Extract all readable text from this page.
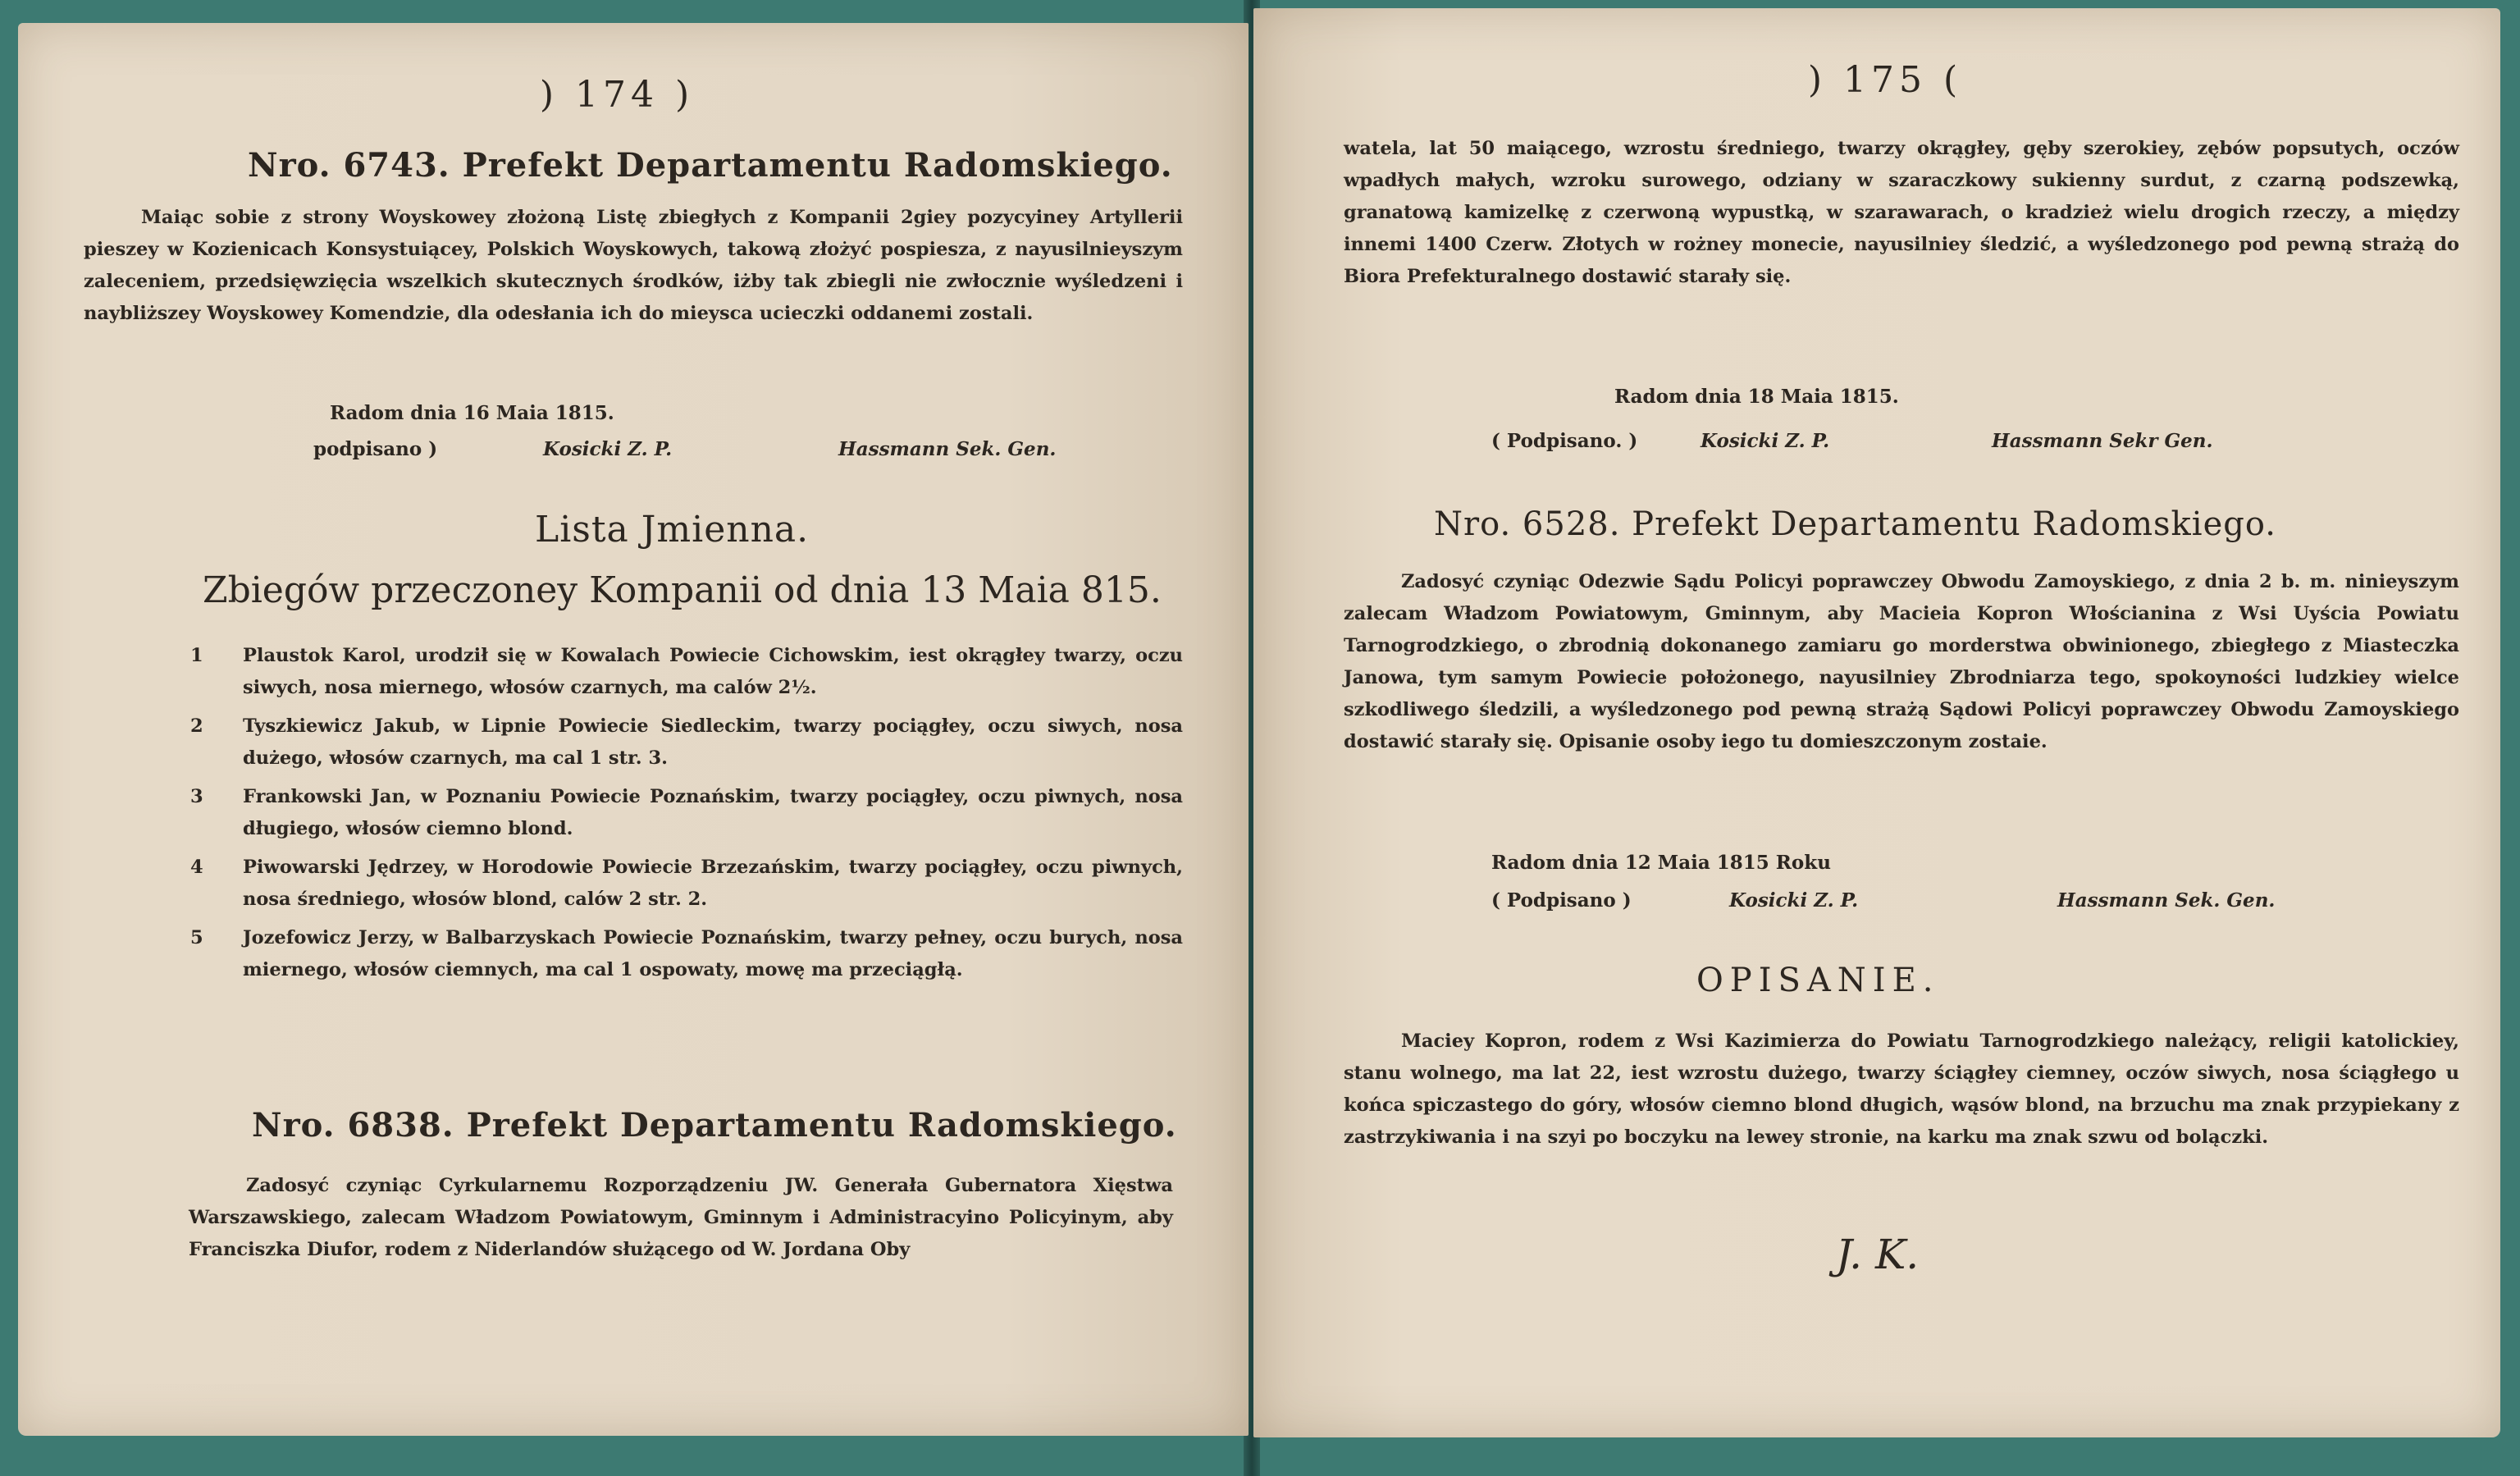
) 174 )
Nro. 6743. Prefekt Departamentu Radomskiego.
Maiąc sobie z strony Woyskowey złożoną Listę zbiegłych z Kompanii 2giey pozycyiney Artyllerii pieszey w Kozienicach Konsystuiącey, Polskich Woyskowych, takową złożyć pospiesza, z nayusilnieyszym zaleceniem, przedsięwzięcia wszelkich skutecznych środków, iżby tak zbiegli nie zwłocznie wyśledzeni i naybliższey Woyskowey Komendzie, dla odesłania ich do mieysca ucieczki oddanemi zostali.
Radom dnia 16 Maia 1815.
podpisano )	Kosicki Z. P.	Hassmann Sek. Gen.
Lista Jmienna.
Zbiegów przeczoney Kompanii od dnia 13 Maia 815.
1	Plaustok Karol, urodził się w Kowalach Powiecie Cichowskim, iest okrągłey twarzy, oczu siwych, nosa miernego, włosów czarnych, ma calów 2½.
2	Tyszkiewicz Jakub, w Lipnie Powiecie Siedleckim, twarzy pociągłey, oczu siwych, nosa dużego, włosów czarnych, ma cal 1 str. 3.
3	Frankowski Jan, w Poznaniu Powiecie Poznańskim, twarzy pociągłey, oczu piwnych, nosa długiego, włosów ciemno blond.
4	Piwowarski Jędrzey, w Horodowie Powiecie Brzezańskim, twarzy pociągłey, oczu piwnych, nosa średniego, włosów blond, calów 2 str. 2.
5	Jozefowicz Jerzy, w Balbarzyskach Powiecie Poznańskim, twarzy pełney, oczu burych, nosa miernego, włosów ciemnych, ma cal 1 ospowaty, mowę ma przeciągłą.
Nro. 6838. Prefekt Departamentu Radomskiego.
Zadosyć czyniąc Cyrkularnemu Rozporządzeniu JW. Generała Gubernatora Xięstwa Warszawskiego, zalecam Władzom Powiatowym, Gminnym i Administracyino Policyinym, aby Franciszka Diufor, rodem z Niderlandów służącego od W. Jordana Oby
) 175 (
watela, lat 50 maiącego, wzrostu średniego, twarzy okrągłey, gęby szerokiey, zębów popsutych, oczów wpadłych małych, wzroku surowego, odziany w szaraczkowy sukienny surdut, z czarną podszewką, granatową kamizelkę z czerwoną wypustką, w szarawarach, o kradzież wielu drogich rzeczy, a między innemi 1400 Czerw. Złotych w rożney monecie, nayusilniey śledzić, a wyśledzonego pod pewną strażą do Biora Prefekturalnego dostawić starały się.
Radom dnia 18 Maia 1815.
( Podpisano. )	Kosicki Z. P.	Hassmann Sekr Gen.
Nro. 6528. Prefekt Departamentu Radomskiego.
Zadosyć czyniąc Odezwie Sądu Policyi poprawczey Obwodu Zamoyskiego, z dnia 2 b. m. ninieyszym zalecam Władzom Powiatowym, Gminnym, aby Macieia Kopron Włościanina z Wsi Uyścia Powiatu Tarnogrodzkiego, o zbrodnią dokonanego zamiaru go morderstwa obwinionego, zbiegłego z Miasteczka Janowa, tym samym Powiecie położonego, nayusilniey Zbrodniarza tego, spokoyności ludzkiey wielce szkodliwego śledzili, a wyśledzonego pod pewną strażą Sądowi Policyi poprawczey Obwodu Zamoyskiego dostawić starały się. Opisanie osoby iego tu domieszczonym zostaie.
Radom dnia 12 Maia 1815 Roku
( Podpisano )	Kosicki Z. P.	Hassmann Sek. Gen.
OPISANIE.
Maciey Kopron, rodem z Wsi Kazimierza do Powiatu Tarnogrodzkiego należący, religii katolickiey, stanu wolnego, ma lat 22, iest wzrostu dużego, twarzy ściągłey ciemney, oczów siwych, nosa ściągłego u końca spiczastego do góry, włosów ciemno blond długich, wąsów blond, na brzuchu ma znak przypiekany z zastrzykiwania i na szyi po boczyku na lewey stronie, na karku ma znak szwu od bolączki.
J. K.
